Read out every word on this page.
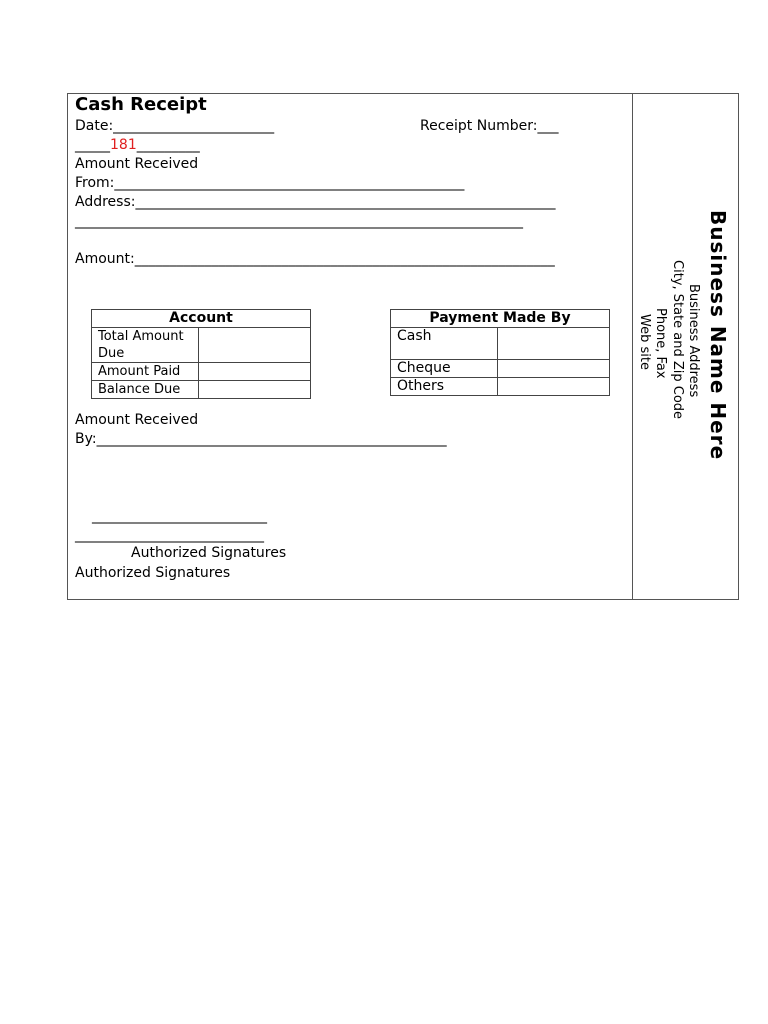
Cash Receipt
Date:_______________________	Receipt Number:___
_____181_________
Amount Received
From:__________________________________________________
Address:____________________________________________________________
________________________________________________________________
Amount:____________________________________________________________
Account	
Total Amount
Due	
Amount Paid	
Balance Due	
Payment Made By	
Cash	
Cheque	
Others	
Amount Received
By:__________________________________________________
_________________________
___________________________
Authorized Signatures
Authorized Signatures
Business Name Here
Business Address
City, State and Zip Code
Phone, Fax
Web site
